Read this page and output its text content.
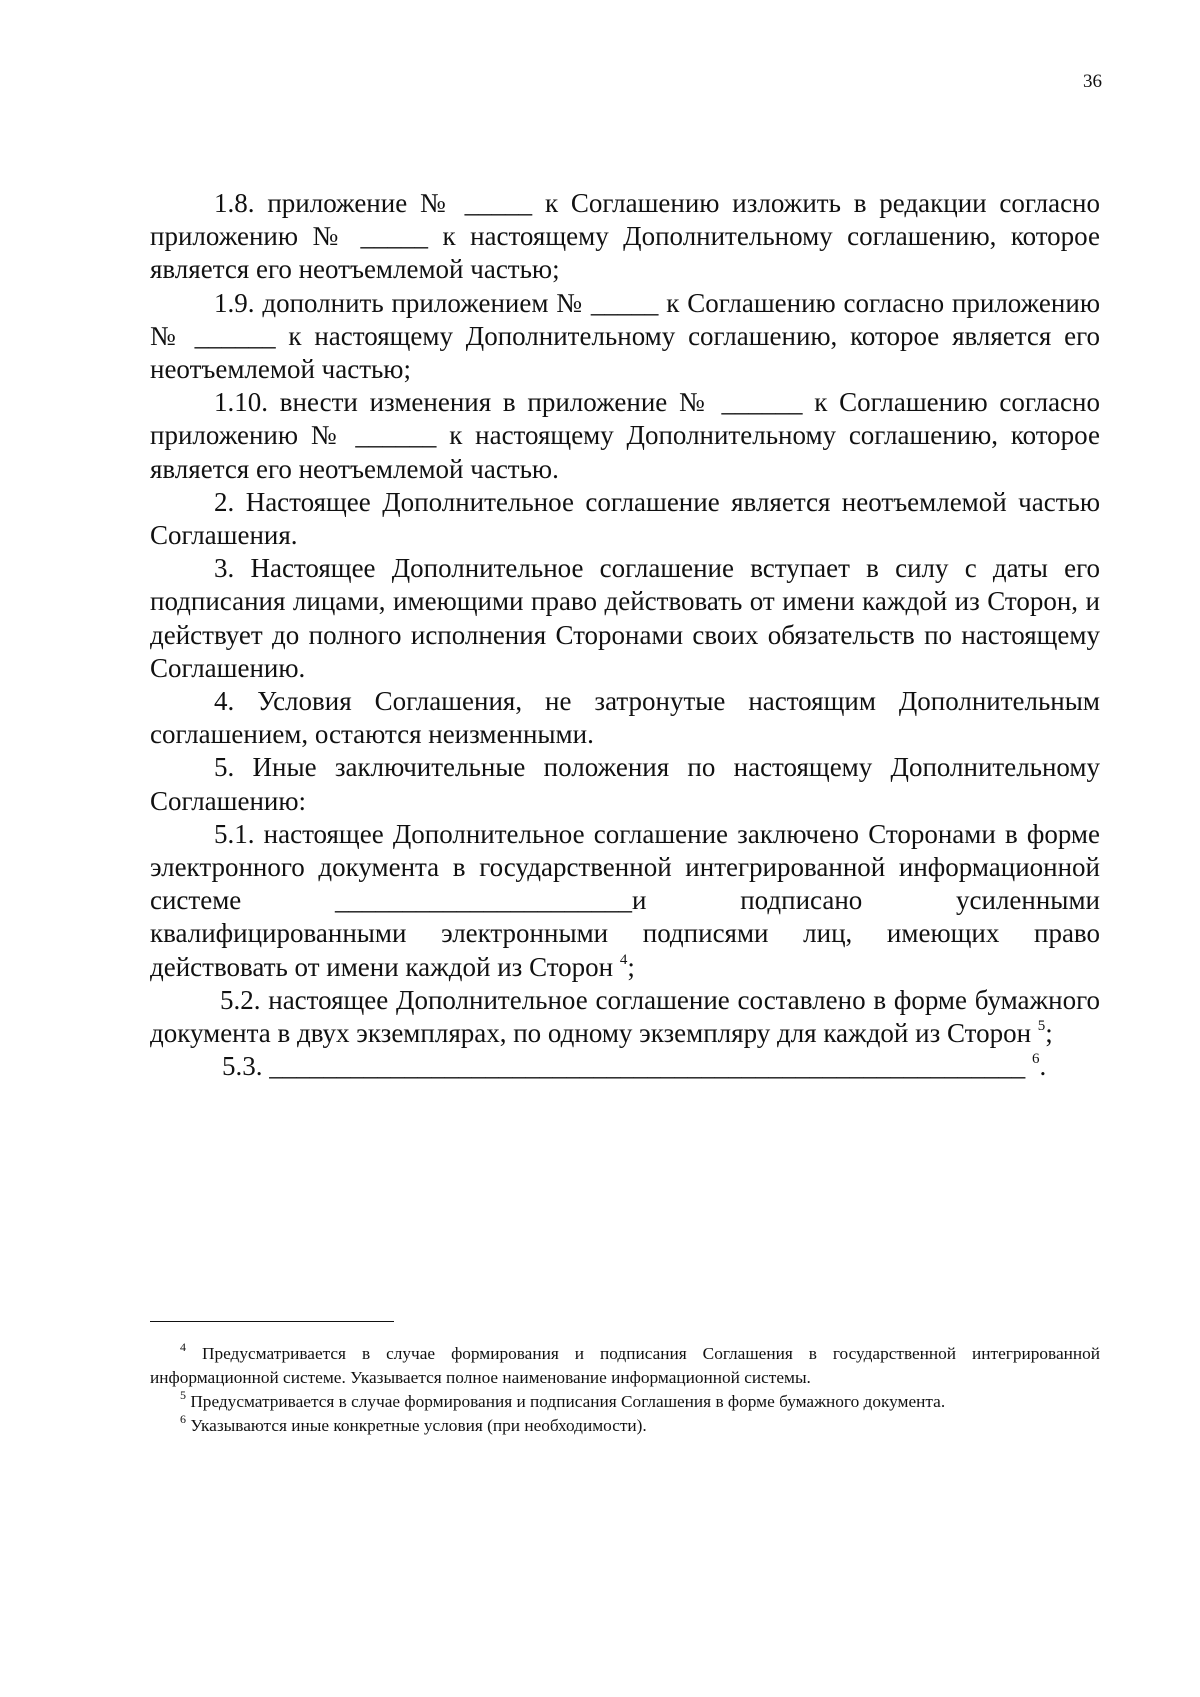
36

1.8. приложение № _____ к Соглашению изложить в редакции согласно приложению № _____ к настоящему Дополнительному соглашению, которое является его неотъемлемой частью;

1.9. дополнить приложением № _____ к Соглашению согласно приложению № ______ к настоящему Дополнительному соглашению, которое является его неотъемлемой частью;

1.10. внести изменения в приложение № ______ к Соглашению согласно приложению № ______ к настоящему Дополнительному соглашению, которое является его неотъемлемой частью.

2. Настоящее Дополнительное соглашение является неотъемлемой частью Соглашения.

3. Настоящее Дополнительное соглашение вступает в силу с даты его подписания лицами, имеющими право действовать от имени каждой из Сторон, и действует до полного исполнения Сторонами своих обязательств по настоящему Соглашению.

4. Условия Соглашения, не затронутые настоящим Дополнительным соглашением, остаются неизменными.

5. Иные заключительные положения по настоящему Дополнительному Соглашению:

5.1. настоящее Дополнительное соглашение заключено Сторонами в форме электронного документа в государственной интегрированной информационной системе ______________________и подписано усиленными квалифицированными электронными подписями лиц, имеющих право действовать от имени каждой из Сторон $^4$;

5.2. настоящее Дополнительное соглашение составлено в форме бумажного документа в двух экземплярах, по одному экземпляру для каждой из Сторон $^5$;

5.3. ________________________________________________________ $^6$.

$^4$ Предусматривается в случае формирования и подписания Соглашения в государственной интегрированной информационной системе. Указывается полное наименование информационной системы.

$^5$ Предусматривается в случае формирования и подписания Соглашения в форме бумажного документа.

$^6$ Указываются иные конкретные условия (при необходимости).
